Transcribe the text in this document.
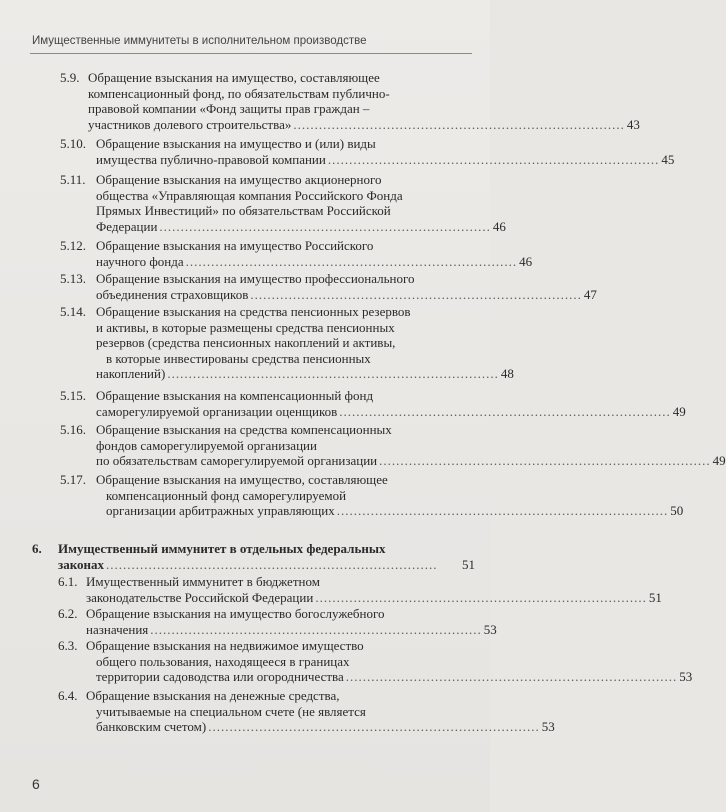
Имущественные иммунитеты в исполнительном производстве
5.9. Обращение взыскания на имущество, составляющее
компенсационный фонд, по обязательствам публично-
правовой компании «Фонд защиты прав граждан –
участников долевого строительства» .............................................................................. 43
5.10. Обращение взыскания на имущество и (или) виды
имущества публично-правовой компании .............................................................................. 45
5.11. Обращение взыскания на имущество акционерного
общества «Управляющая компания Российского Фонда
Прямых Инвестиций» по обязательствам Российской
Федерации .............................................................................. 46
5.12. Обращение взыскания на имущество Российского
научного фонда .............................................................................. 46
5.13. Обращение взыскания на имущество профессионального
объединения страховщиков .............................................................................. 47
5.14. Обращение взыскания на средства пенсионных резервов
и активы, в которые размещены средства пенсионных
резервов (средства пенсионных накоплений и активы,
в которые инвестированы средства пенсионных
накоплений) .............................................................................. 48
5.15. Обращение взыскания на компенсационный фонд
саморегулируемой организации оценщиков .............................................................................. 49
5.16. Обращение взыскания на средства компенсационных
фондов саморегулируемой организации
по обязательствам саморегулируемой организации .............................................................................. 49
5.17. Обращение взыскания на имущество, составляющее
компенсационный фонд саморегулируемой
организации арбитражных управляющих .............................................................................. 50
6. Имущественный иммунитет в отдельных федеральных
законах ..............................................................................	51
6.1. Имущественный иммунитет в бюджетном
законодательстве Российской Федерации .............................................................................. 51
6.2. Обращение взыскания на имущество богослужебного
назначения .............................................................................. 53
6.3. Обращение взыскания на недвижимое имущество
общего пользования, находящееся в границах
территории садоводства или огородничества .............................................................................. 53
6.4. Обращение взыскания на денежные средства,
учитываемые на специальном счете (не является
банковским счетом) .............................................................................. 53
6
